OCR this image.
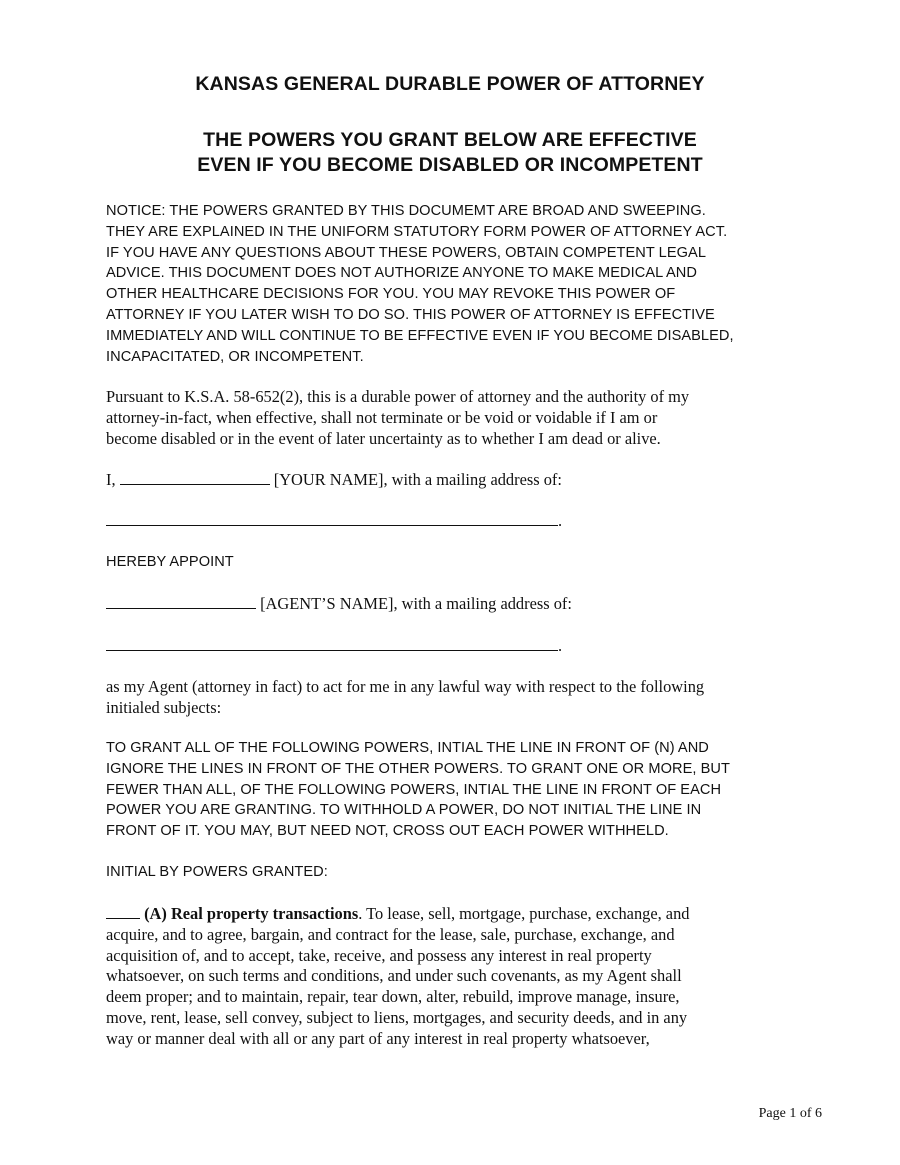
KANSAS GENERAL DURABLE POWER OF ATTORNEY
THE POWERS YOU GRANT BELOW ARE EFFECTIVE
EVEN IF YOU BECOME DISABLED OR INCOMPETENT
NOTICE: THE POWERS GRANTED BY THIS DOCUMEMT ARE BROAD AND SWEEPING.
THEY ARE EXPLAINED IN THE UNIFORM STATUTORY FORM POWER OF ATTORNEY ACT.
IF YOU HAVE ANY QUESTIONS ABOUT THESE POWERS, OBTAIN COMPETENT LEGAL
ADVICE. THIS DOCUMENT DOES NOT AUTHORIZE ANYONE TO MAKE MEDICAL AND
OTHER HEALTHCARE DECISIONS FOR YOU. YOU MAY REVOKE THIS POWER OF
ATTORNEY IF YOU LATER WISH TO DO SO. THIS POWER OF ATTORNEY IS EFFECTIVE
IMMEDIATELY AND WILL CONTINUE TO BE EFFECTIVE EVEN IF YOU BECOME DISABLED,
INCAPACITATED, OR INCOMPETENT.
Pursuant to K.S.A. 58-652(2), this is a durable power of attorney and the authority of my
attorney-in-fact, when effective, shall not terminate or be void or voidable if I am or
become disabled or in the event of later uncertainty as to whether I am dead or alive.
I,	[YOUR NAME], with a mailing address of:
.
HEREBY APPOINT
[AGENT’S NAME], with a mailing address of:
.
as my Agent (attorney in fact) to act for me in any lawful way with respect to the following
initialed subjects:
TO GRANT ALL OF THE FOLLOWING POWERS, INTIAL THE LINE IN FRONT OF (N) AND
IGNORE THE LINES IN FRONT OF THE OTHER POWERS. TO GRANT ONE OR MORE, BUT
FEWER THAN ALL, OF THE FOLLOWING POWERS, INTIAL THE LINE IN FRONT OF EACH
POWER YOU ARE GRANTING. TO WITHHOLD A POWER, DO NOT INITIAL THE LINE IN
FRONT OF IT. YOU MAY, BUT NEED NOT, CROSS OUT EACH POWER WITHHELD.
INITIAL BY POWERS GRANTED:
(A) Real property transactions. To lease, sell, mortgage, purchase, exchange, and
acquire, and to agree, bargain, and contract for the lease, sale, purchase, exchange, and
acquisition of, and to accept, take, receive, and possess any interest in real property
whatsoever, on such terms and conditions, and under such covenants, as my Agent shall
deem proper; and to maintain, repair, tear down, alter, rebuild, improve manage, insure,
move, rent, lease, sell convey, subject to liens, mortgages, and security deeds, and in any
way or manner deal with all or any part of any interest in real property whatsoever,
Page 1 of 6
